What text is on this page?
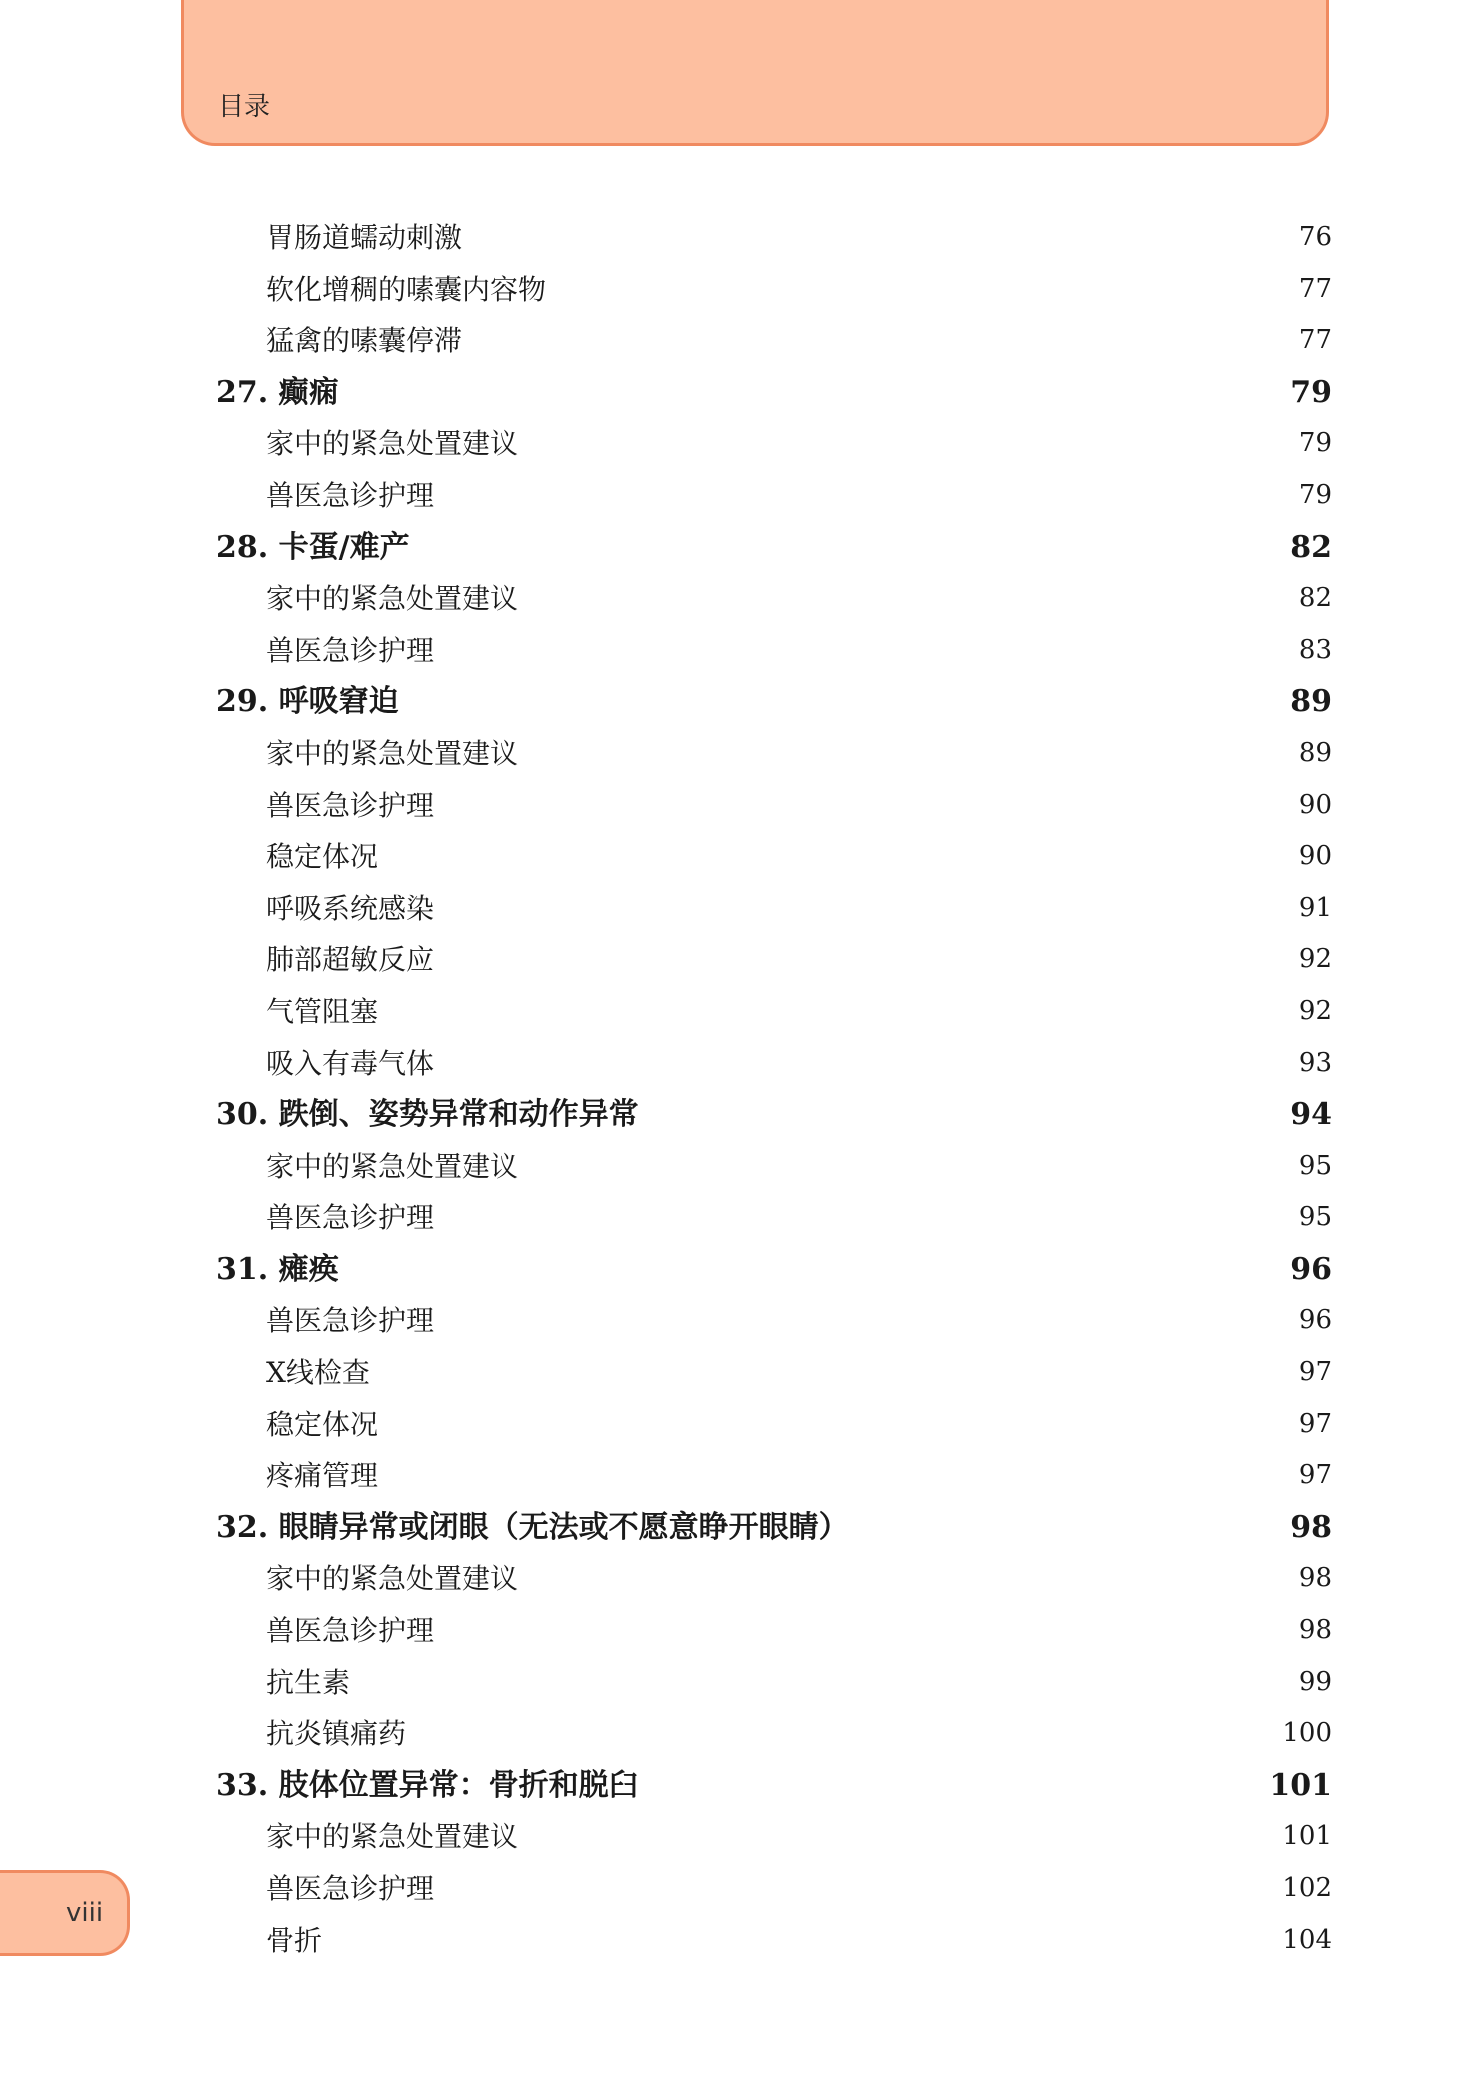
目录
胃肠道蠕动刺激	76
软化增稠的嗉囊内容物	77
猛禽的嗉囊停滞	77
27. 癫痫	79
家中的紧急处置建议	79
兽医急诊护理	79
28. 卡蛋/难产	82
家中的紧急处置建议	82
兽医急诊护理	83
29. 呼吸窘迫	89
家中的紧急处置建议	89
兽医急诊护理	90
稳定体况	90
呼吸系统感染	91
肺部超敏反应	92
气管阻塞	92
吸入有毒气体	93
30. 跌倒、姿势异常和动作异常	94
家中的紧急处置建议	95
兽医急诊护理	95
31. 瘫痪	96
兽医急诊护理	96
X线检查	97
稳定体况	97
疼痛管理	97
32. 眼睛异常或闭眼（无法或不愿意睁开眼睛）	98
家中的紧急处置建议	98
兽医急诊护理	98
抗生素	99
抗炎镇痛药	100
33. 肢体位置异常：骨折和脱臼	101
家中的紧急处置建议	101
兽医急诊护理	102
骨折	104
viii
